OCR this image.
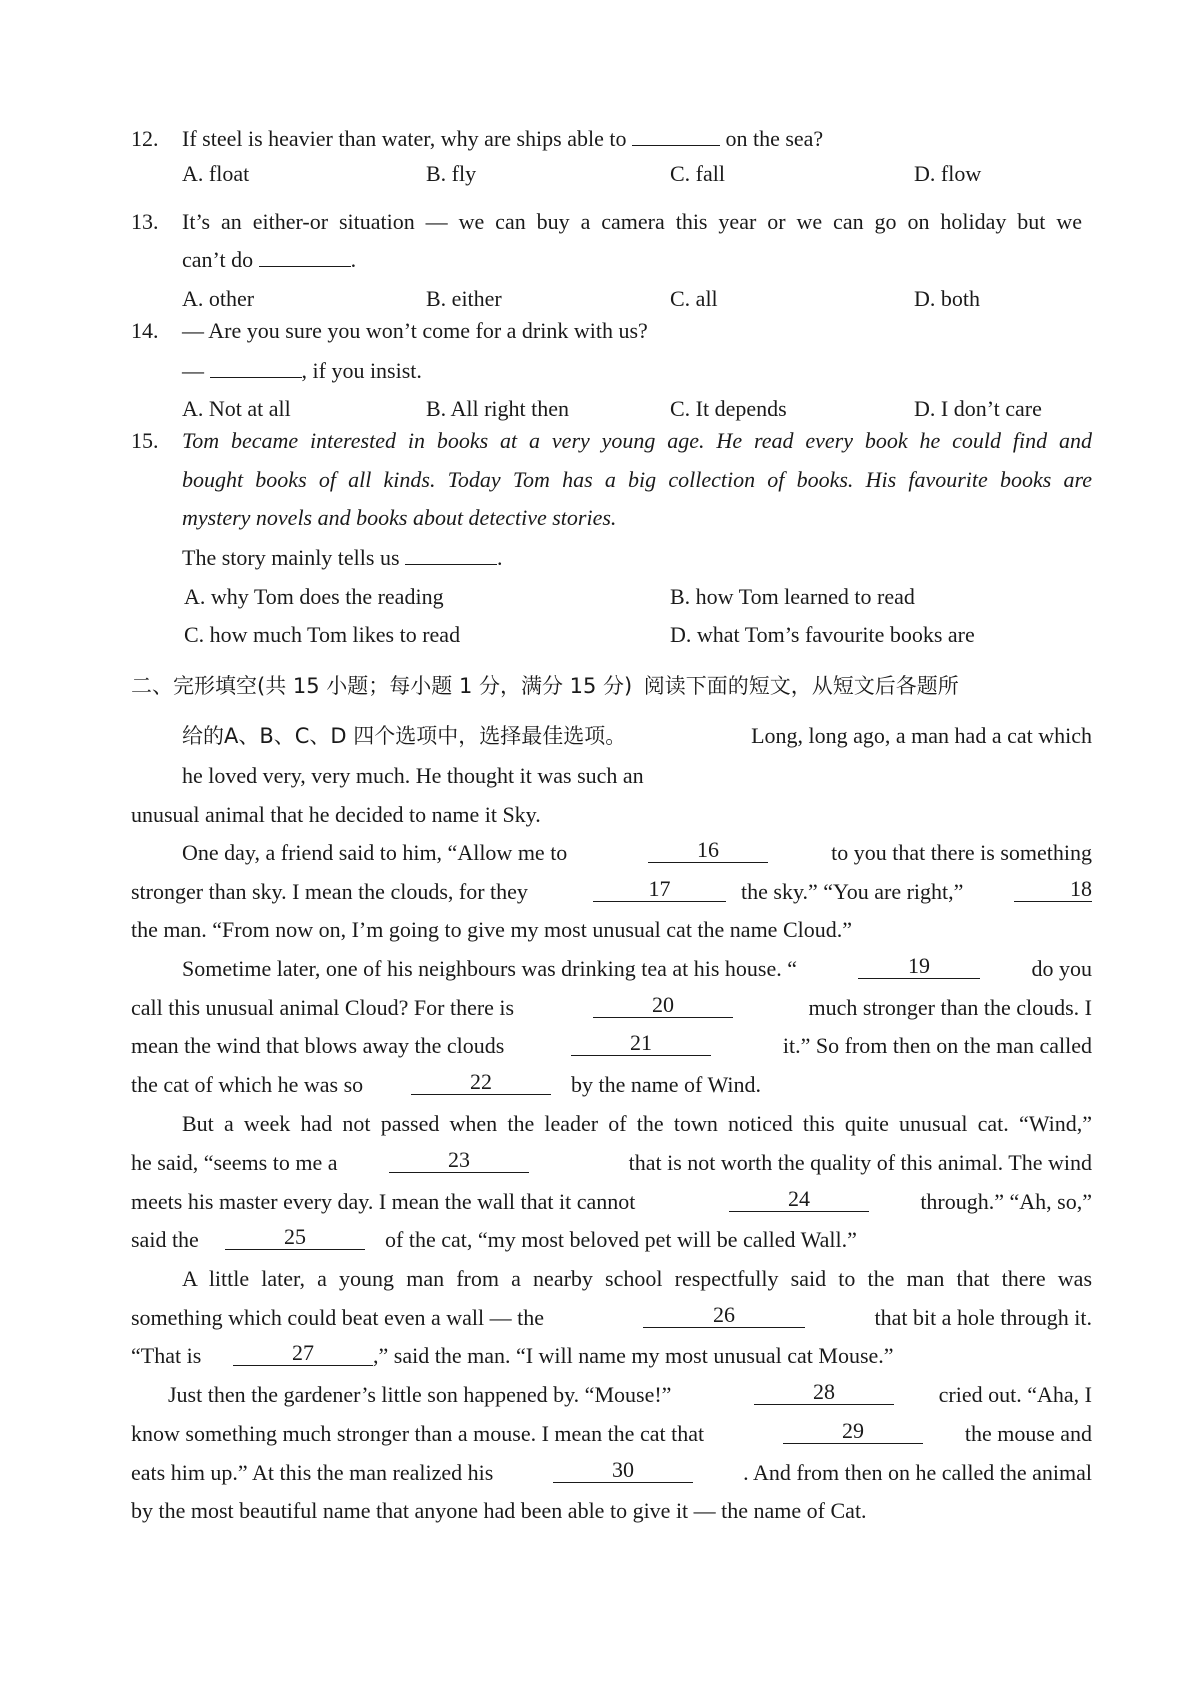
12. If steel is heavier than water, why are ships able to	on the sea?
A. float	B. fly	C. fall	D. flow
13. It’s an either-or situation — we can buy a camera this year or we can go on holiday but we
can’t do	.
A. other	B. either	C. all	D. both
14. — Are you sure you won’t come for a drink with us?
—	, if you insist.
A. Not at all	B. All right then	C. It depends	D. I don’t care
15. Tom became interested in books at a very young age. He read every book he could find and
bought books of all kinds. Today Tom has a big collection of books. His favourite books are
mystery novels and books about detective stories.
The story mainly tells us	.
A. why Tom does the reading	B. how Tom learned to read
C. how much Tom likes to read	D. what Tom’s favourite books are
二、完形填空(共 15 小题；每小题 1 分，满分 15 分) 阅读下面的短文，从短文后各题所
给的A、B、C、D 四个选项中，选择最佳选项。	Long, long ago, a man had a cat which
he loved very, very much. He thought it was such an
unusual animal that he decided to name it Sky.
One day, a friend said to him, “Allow me to	16	to you that there is something
stronger than sky. I mean the clouds, for they	17	the sky.” “You are right,”	18
the man. “From now on, I’m going to give my most unusual cat the name Cloud.”
Sometime later, one of his neighbours was drinking tea at his house. “	19	do you
call this unusual animal Cloud? For there is	20	much stronger than the clouds. I
mean the wind that blows away the clouds	21	it.” So from then on the man called
the cat of which he was so	22	by the name of Wind.
But a week had not passed when the leader of the town noticed this quite unusual cat. “Wind,”
he said, “seems to me a	23	that is not worth the quality of this animal. The wind
meets his master every day. I mean the wall that it cannot	24	through.” “Ah, so,”
said the	25	of the cat, “my most beloved pet will be called Wall.”
A little later, a young man from a nearby school respectfully said to the man that there was
something which could beat even a wall — the	26	that bit a hole through it.
“That is	27	,” said the man. “I will name my most unusual cat Mouse.”
Just then the gardener’s little son happened by. “Mouse!”	28	cried out. “Aha, I
know something much stronger than a mouse. I mean the cat that	29	the mouse and
eats him up.” At this the man realized his	30	. And from then on he called the animal
by the most beautiful name that anyone had been able to give it — the name of Cat.
